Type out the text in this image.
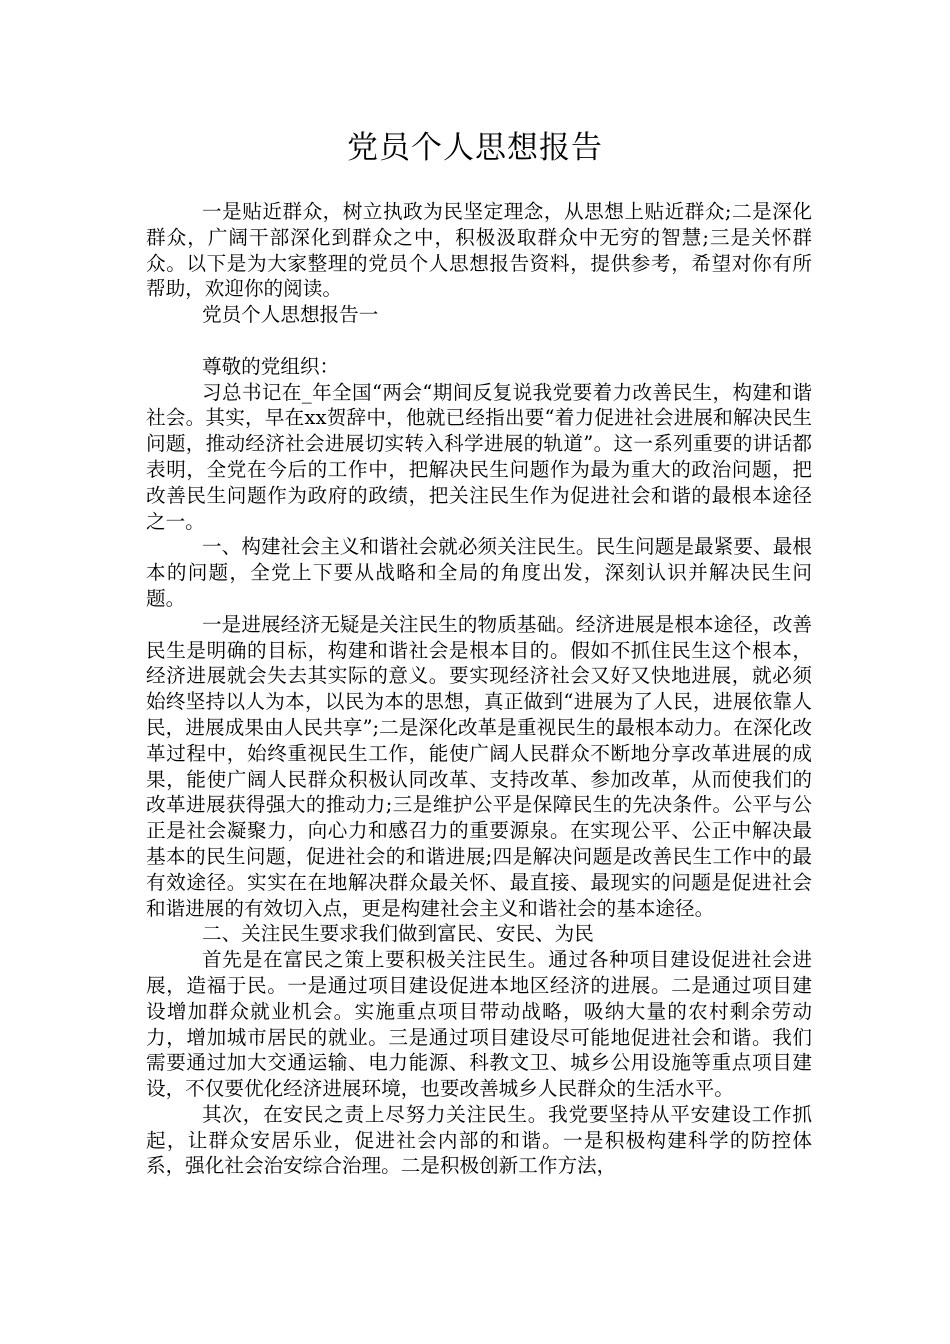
党员个人思想报告

一是贴近群众，树立执政为民坚定理念，从思想上贴近群众;二是深化群众，广阔干部深化到群众之中，积极汲取群众中无穷的智慧;三是关怀群众。以下是为大家整理的党员个人思想报告资料，提供参考，希望对你有所帮助，欢迎你的阅读。

党员个人思想报告一

尊敬的党组织：

习总书记在_年全国“两会“期间反复说我党要着力改善民生，构建和谐社会。其实，早在xx贺辞中，他就已经指出要“着力促进社会进展和解决民生问题，推动经济社会进展切实转入科学进展的轨道”。这一系列重要的讲话都表明，全党在今后的工作中，把解决民生问题作为最为重大的政治问题，把改善民生问题作为政府的政绩，把关注民生作为促进社会和谐的最根本途径之一。

一、构建社会主义和谐社会就必须关注民生。民生问题是最紧要、最根本的问题，全党上下要从战略和全局的角度出发，深刻认识并解决民生问题。

一是进展经济无疑是关注民生的物质基础。经济进展是根本途径，改善民生是明确的目标，构建和谐社会是根本目的。假如不抓住民生这个根本，经济进展就会失去其实际的意义。要实现经济社会又好又快地进展，就必须始终坚持以人为本，以民为本的思想，真正做到“进展为了人民，进展依靠人民，进展成果由人民共享”;二是深化改革是重视民生的最根本动力。在深化改革过程中，始终重视民生工作，能使广阔人民群众不断地分享改革进展的成果，能使广阔人民群众积极认同改革、支持改革、参加改革，从而使我们的改革进展获得强大的推动力;三是维护公平是保障民生的先决条件。公平与公正是社会凝聚力，向心力和感召力的重要源泉。在实现公平、公正中解决最基本的民生问题，促进社会的和谐进展;四是解决问题是改善民生工作中的最有效途径。实实在在地解决群众最关怀、最直接、最现实的问题是促进社会和谐进展的有效切入点，更是构建社会主义和谐社会的基本途径。

二、关注民生要求我们做到富民、安民、为民

首先是在富民之策上要积极关注民生。通过各种项目建设促进社会进展，造福于民。一是通过项目建设促进本地区经济的进展。二是通过项目建设增加群众就业机会。实施重点项目带动战略，吸纳大量的农村剩余劳动力，增加城市居民的就业。三是通过项目建设尽可能地促进社会和谐。我们需要通过加大交通运输、电力能源、科教文卫、城乡公用设施等重点项目建设，不仅要优化经济进展环境，也要改善城乡人民群众的生活水平。

其次，在安民之责上尽努力关注民生。我党要坚持从平安建设工作抓起，让群众安居乐业，促进社会内部的和谐。一是积极构建科学的防控体系，强化社会治安综合治理。二是积极创新工作方法，
